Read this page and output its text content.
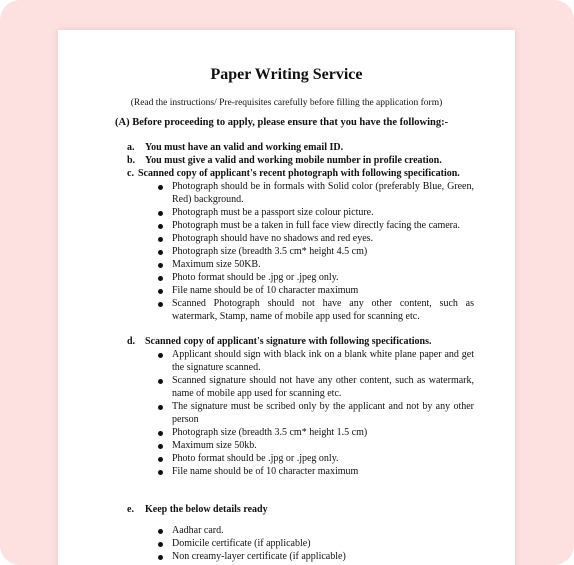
Paper Writing Service
(Read the instructions/ Pre-requisites carefully before filling the application form)
(A) Before proceeding to apply, please ensure that you have the following:-
a. You must have an valid and working email ID.
b. You must give a valid and working mobile number in profile creation.
c. Scanned copy of applicant's recent photograph with following specification.
Photograph should be in formals with Solid color (preferably Blue, Green, Red) background.
Photograph must be a passport size colour picture.
Photograph must be a taken in full face view directly facing the camera.
Photograph should have no shadows and red eyes.
Photograph size (breadth 3.5 cm* height 4.5 cm)
Maximum size 50KB.
Photo format should be .jpg or .jpeg only.
File name should be of 10 character maximum
Scanned Photograph should not have any other content, such as watermark, Stamp, name of mobile app used for scanning etc.
d. Scanned copy of applicant's signature with following specifications.
Applicant should sign with black ink on a blank white plane paper and get the signature scanned.
Scanned signature should not have any other content, such as watermark, name of mobile app used for scanning etc.
The signature must be scribed only by the applicant and not by any other person
Photograph size (breadth 3.5 cm* height 1.5 cm)
Maximum size 50kb.
Photo format should be .jpg or .jpeg only.
File name should be of 10 character maximum
e. Keep the below details ready
Aadhar card.
Domicile certificate (if applicable)
Non creamy-layer certificate (if applicable)
